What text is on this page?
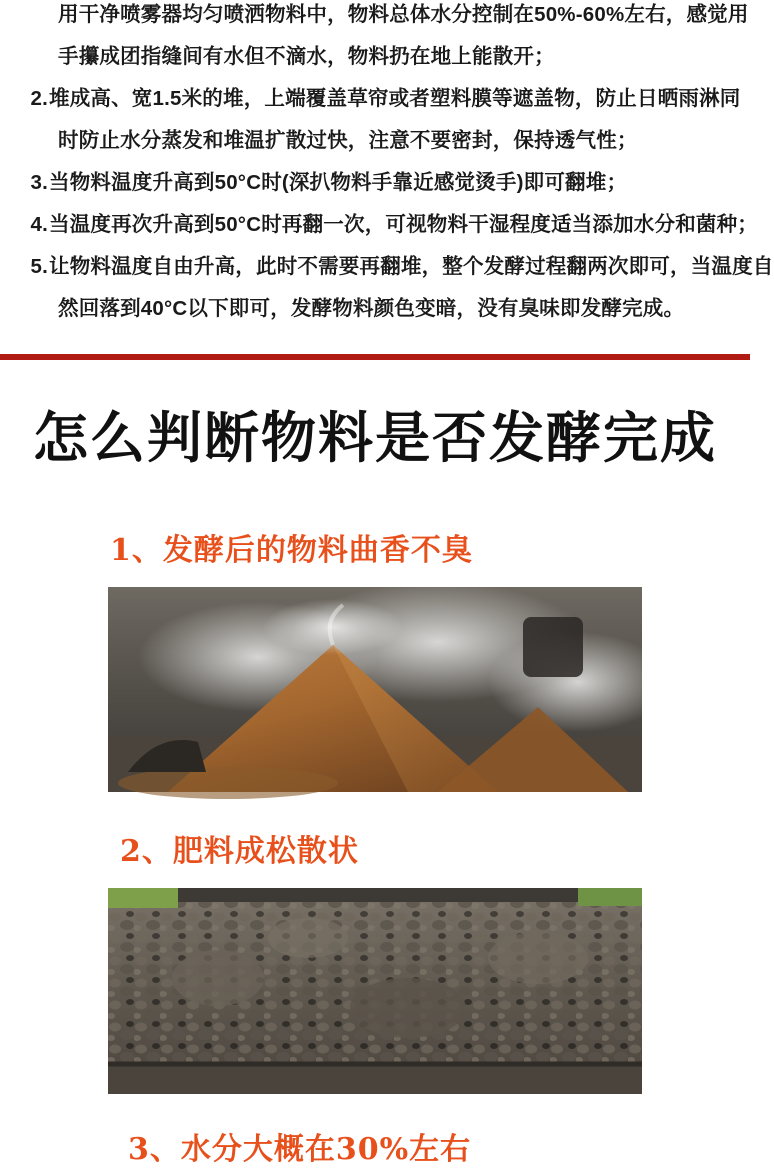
用干净喷雾器均匀喷洒物料中，物料总体水分控制在50%-60%左右，感觉用
手攥成团指缝间有水但不滴水，物料扔在地上能散开；
2. 堆成高、宽1.5米的堆，上端覆盖草帘或者塑料膜等遮盖物，防止日晒雨淋同
时防止水分蒸发和堆温扩散过快，注意不要密封，保持透气性；
3. 当物料温度升高到50°C时(深扒物料手靠近感觉烫手)即可翻堆；
4. 当温度再次升高到50°C时再翻一次，可视物料干湿程度适当添加水分和菌种；
5. 让物料温度自由升高，此时不需要再翻堆，整个发酵过程翻两次即可，当温度自
然回落到40°C以下即可，发酵物料颜色变暗，没有臭味即发酵完成。
怎么判断物料是否发酵完成
1、发酵后的物料曲香不臭
2、肥料成松散状
3、水分大概在30%左右
